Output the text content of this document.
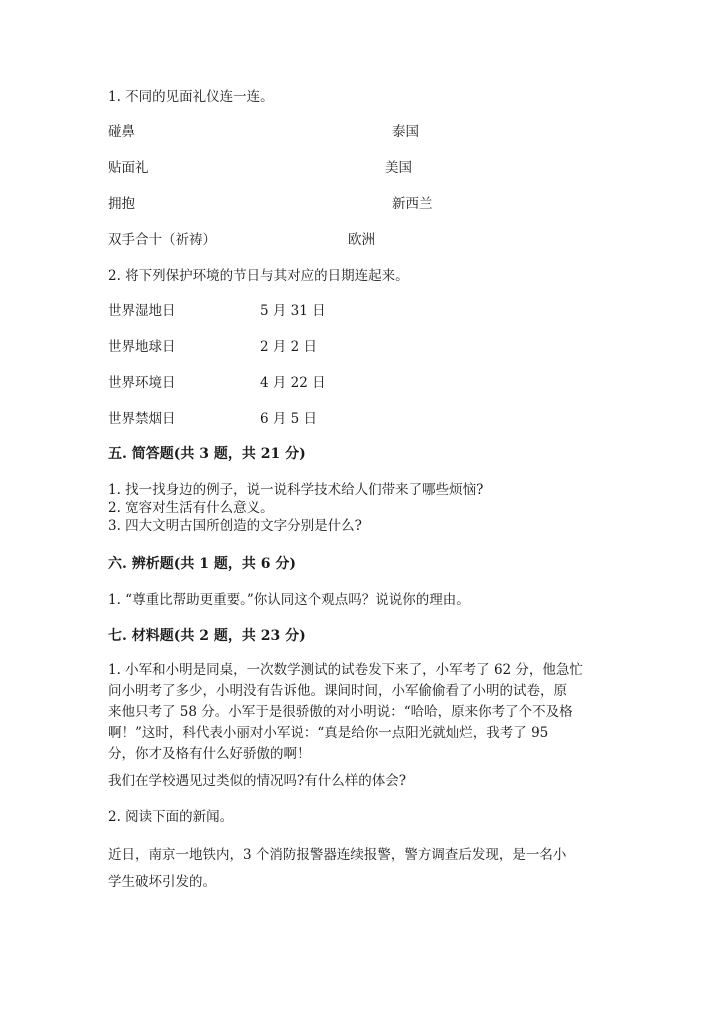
1. 不同的见面礼仪连一连。
碰鼻	泰国
贴面礼	美国
拥抱	新西兰
双手合十（祈祷）	欧洲
2. 将下列保护环境的节日与其对应的日期连起来。
世界湿地日	5 月 31 日
世界地球日	2 月 2 日
世界环境日	4 月 22 日
世界禁烟日	6 月 5 日
五. 简答题(共 3 题，共 21 分)
1. 找一找身边的例子，说一说科学技术给人们带来了哪些烦恼?
2. 宽容对生活有什么意义。
3. 四大文明古国所创造的文字分别是什么?
六. 辨析题(共 1 题，共 6 分)
1. “尊重比帮助更重要。”你认同这个观点吗？说说你的理由。
七. 材料题(共 2 题，共 23 分)
1. 小军和小明是同桌，一次数学测试的试卷发下来了，小军考了 62 分，他急忙
问小明考了多少，小明没有告诉他。课间时间，小军偷偷看了小明的试卷，原
来他只考了 58 分。小军于是很骄傲的对小明说：“哈哈，原来你考了个不及格
啊！”这时，科代表小丽对小军说：“真是给你一点阳光就灿烂，我考了 95
分，你才及格有什么好骄傲的啊！
我们在学校遇见过类似的情况吗?有什么样的体会?
2. 阅读下面的新闻。
近日，南京一地铁内，3 个消防报警器连续报警，警方调查后发现，是一名小
学生破坏引发的。
